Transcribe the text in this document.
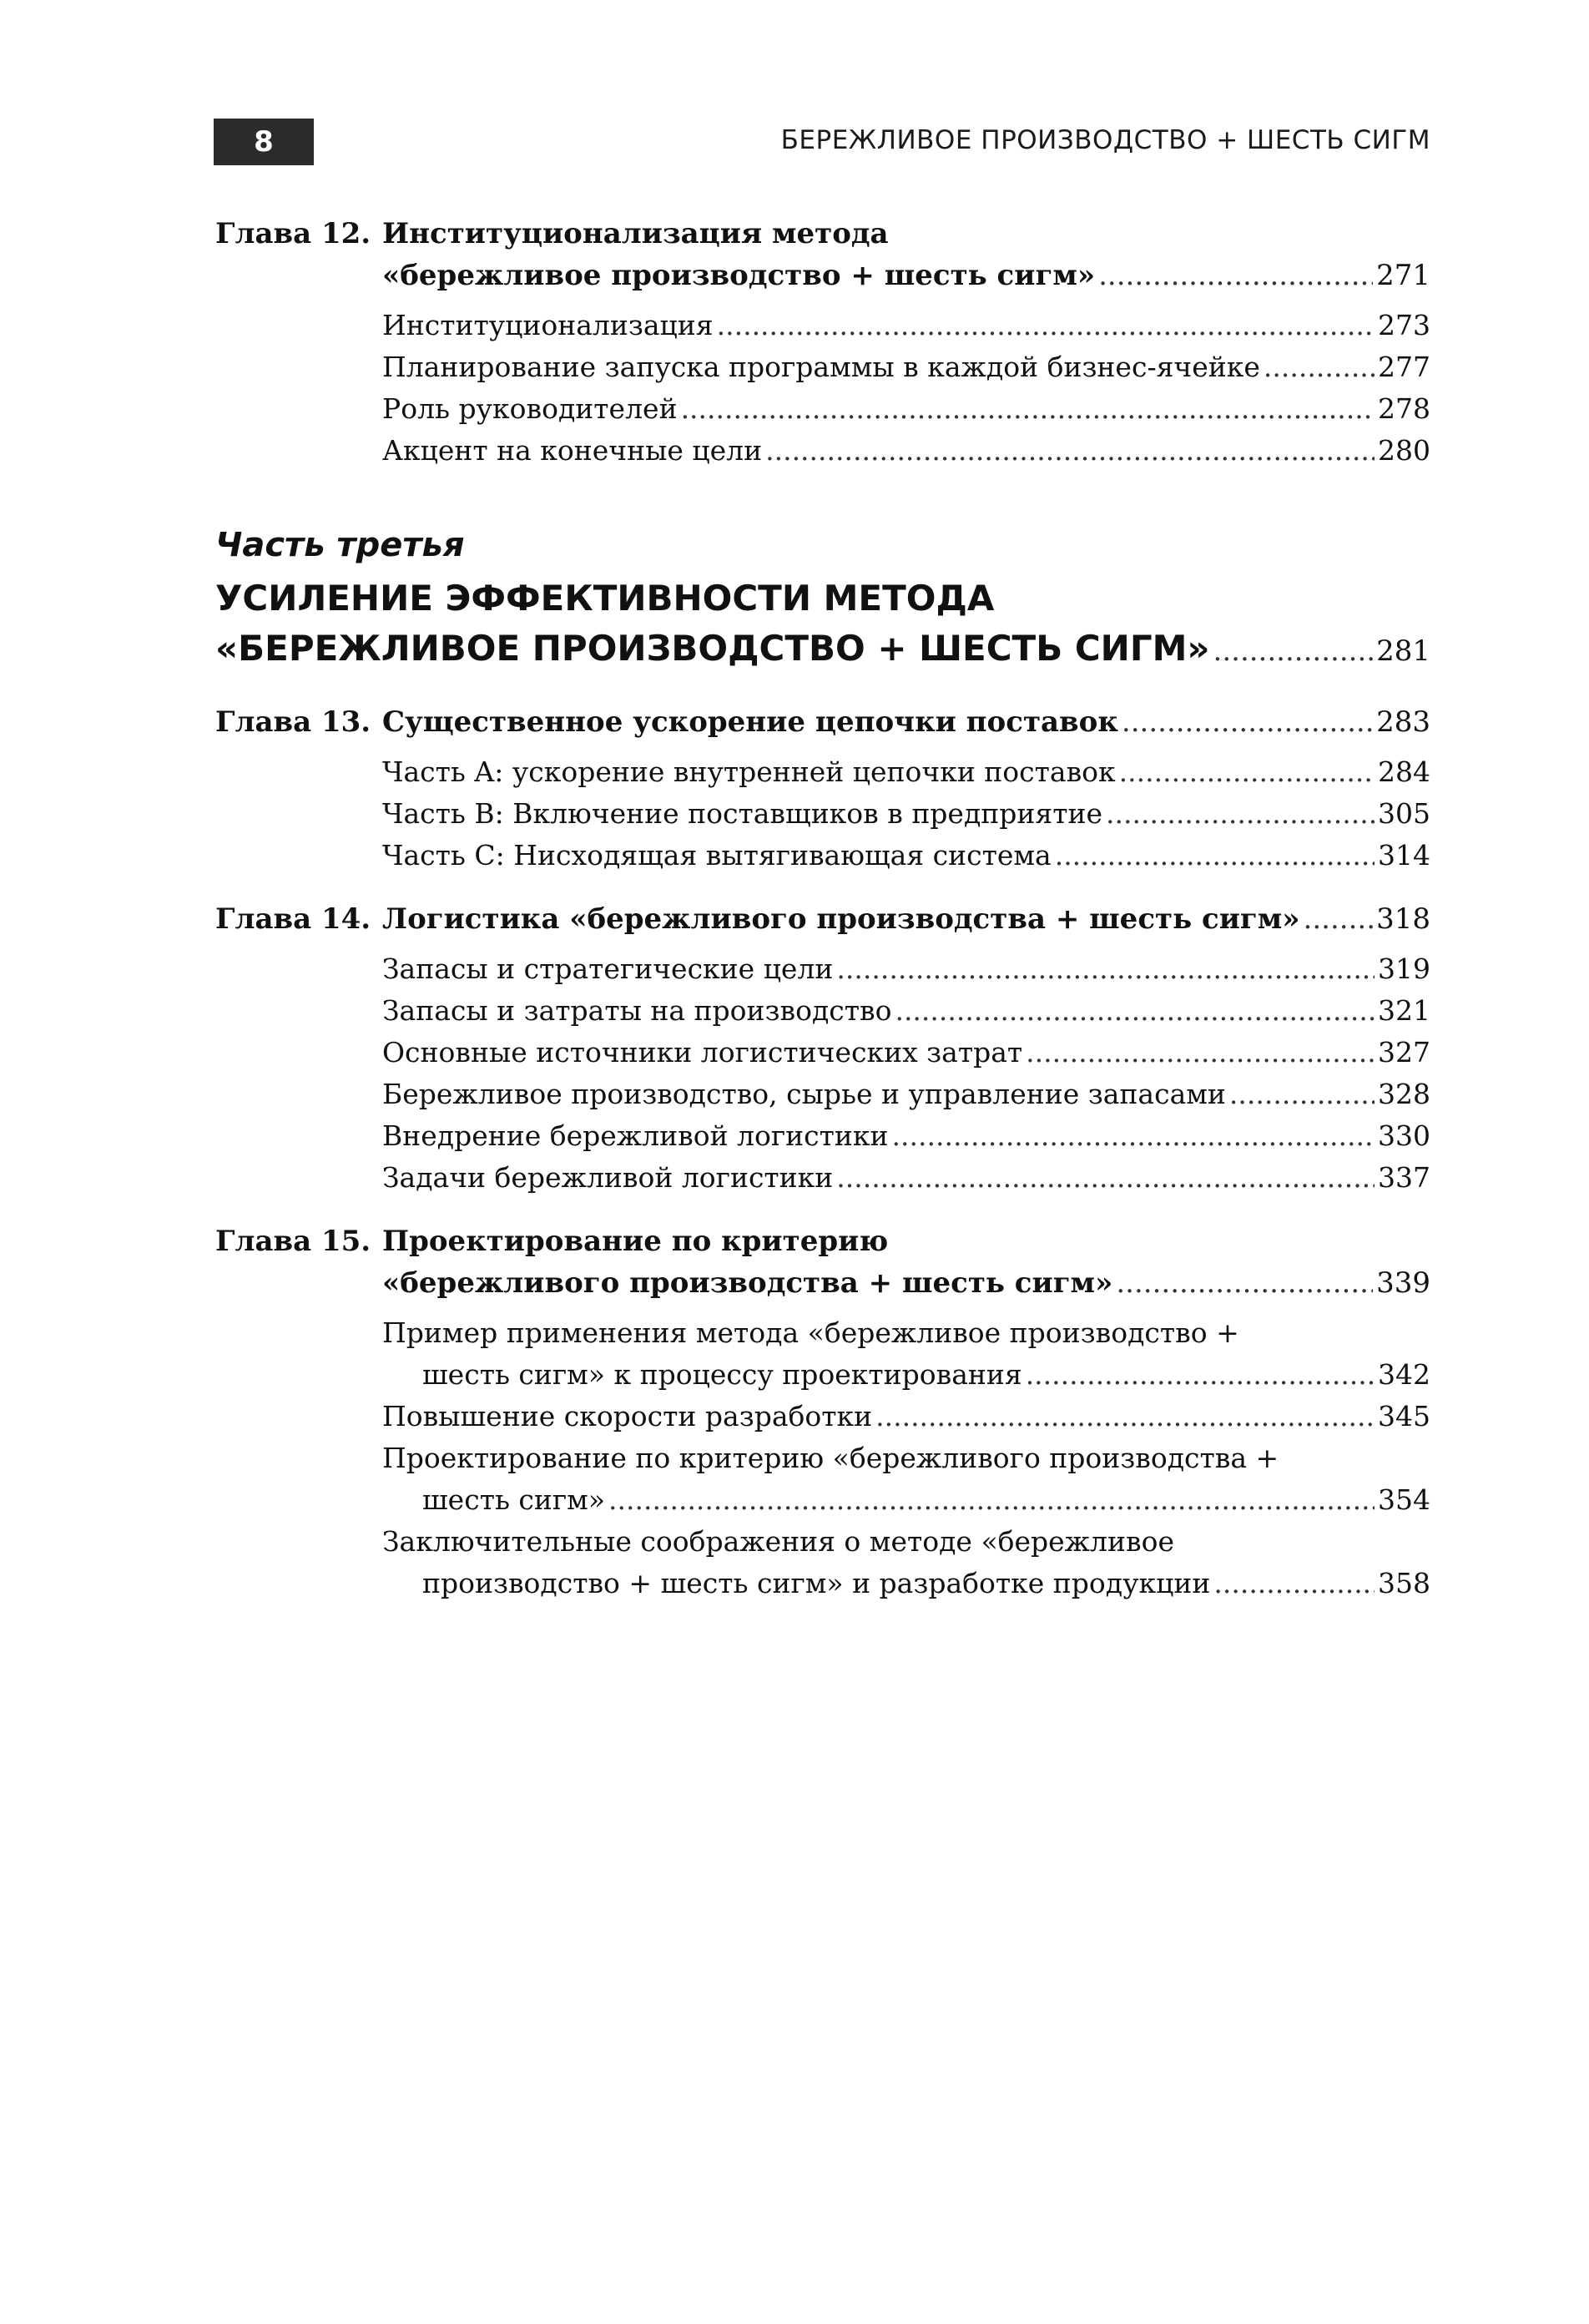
8	БЕРЕЖЛИВОЕ ПРОИЗВОДСТВО + ШЕСТЬ СИГМ
Глава 12. Институционализация метода
«бережливое производство + шесть сигм» .....	271
Институционализация .....	273
Планирование запуска программы в каждой бизнес-ячейке .....	277
Роль руководителей .....	278
Акцент на конечные цели .....	280
Часть третья
УСИЛЕНИЕ ЭФФЕКТИВНОСТИ МЕТОДА
«БЕРЕЖЛИВОЕ ПРОИЗВОДСТВО + ШЕСТЬ СИГМ» .....	281
Глава 13. Существенное ускорение цепочки поставок .....	283
Часть A: ускорение внутренней цепочки поставок .....	284
Часть B: Включение поставщиков в предприятие .....	305
Часть C: Нисходящая вытягивающая система .....	314
Глава 14. Логистика «бережливого производства + шесть сигм» .....	318
Запасы и стратегические цели .....	319
Запасы и затраты на производство .....	321
Основные источники логистических затрат .....	327
Бережливое производство, сырье и управление запасами .....	328
Внедрение бережливой логистики .....	330
Задачи бережливой логистики .....	337
Глава 15. Проектирование по критерию
«бережливого производства + шесть сигм» .....	339
Пример применения метода «бережливое производство +
шесть сигм» к процессу проектирования .....	342
Повышение скорости разработки .....	345
Проектирование по критерию «бережливого производства +
шесть сигм» .....	354
Заключительные соображения о методе «бережливое
производство + шесть сигм» и разработке продукции .....	358
